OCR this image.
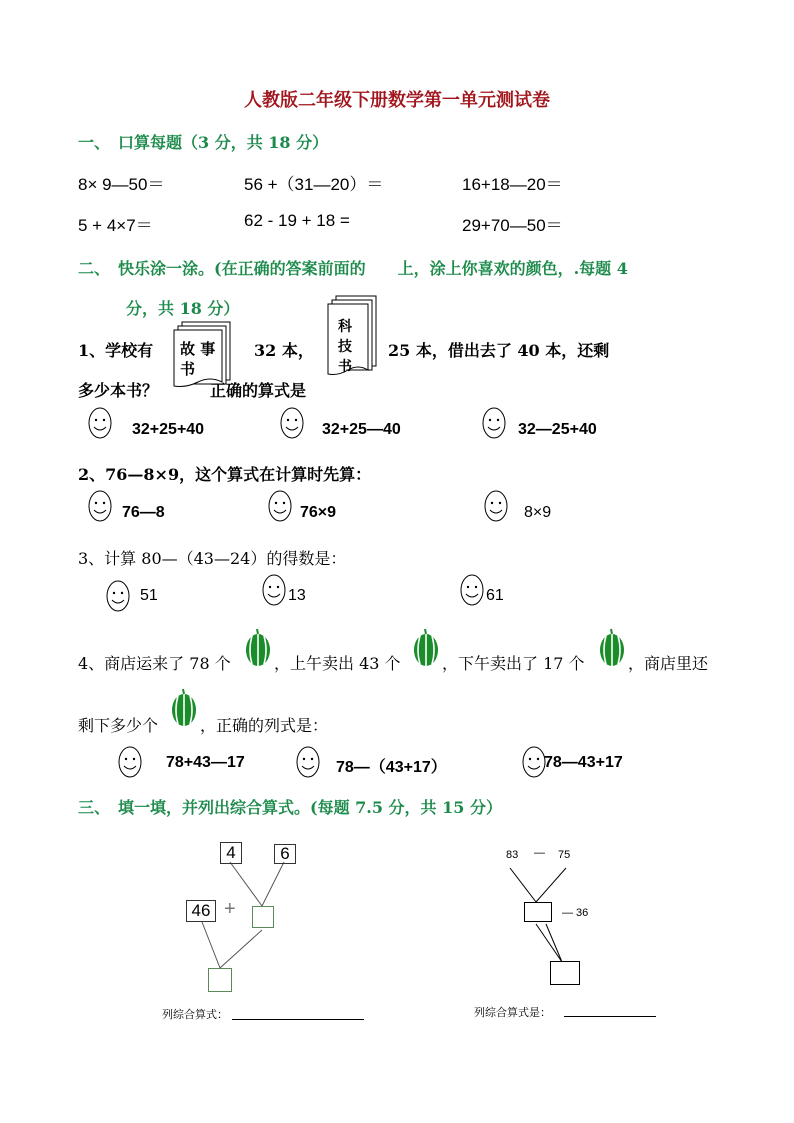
人教版二年级下册数学第一单元测试卷
一、　口算每题（3 分，共 18 分）
8× 9—50＝	56 +（31—20）＝	16+18—20＝
5 + 4×7＝	62 - 19 + 18 =	29+70—50＝
二、　快乐涂一涂。(在正确的答案前面的　　上，涂上你喜欢的颜色，.每题 4
分，共 18 分）
1、学校有 故 事
书
32 本，
科
技
书
25 本，借出去了 40 本，还剩
多少本书？	正确的算式是
32+25+40	32+25—40	32—25+40
2、76—8×9，这个算式在计算时先算：
76—8	76×9	8×9
3、计算 80—（43—24）的得数是：
51	13	61
4、商店运来了 78 个	，上午卖出 43 个	，下午卖出了 17 个	，商店里还
剩下多少个	，正确的列式是：
78+43—17	78—（43+17）	78—43+17
三、　填一填，并列出综合算式。(每题 7.5 分，共 15 分）
4	6
46 +
列综合算式：
83 — 75
— 36
列综合算式是：
